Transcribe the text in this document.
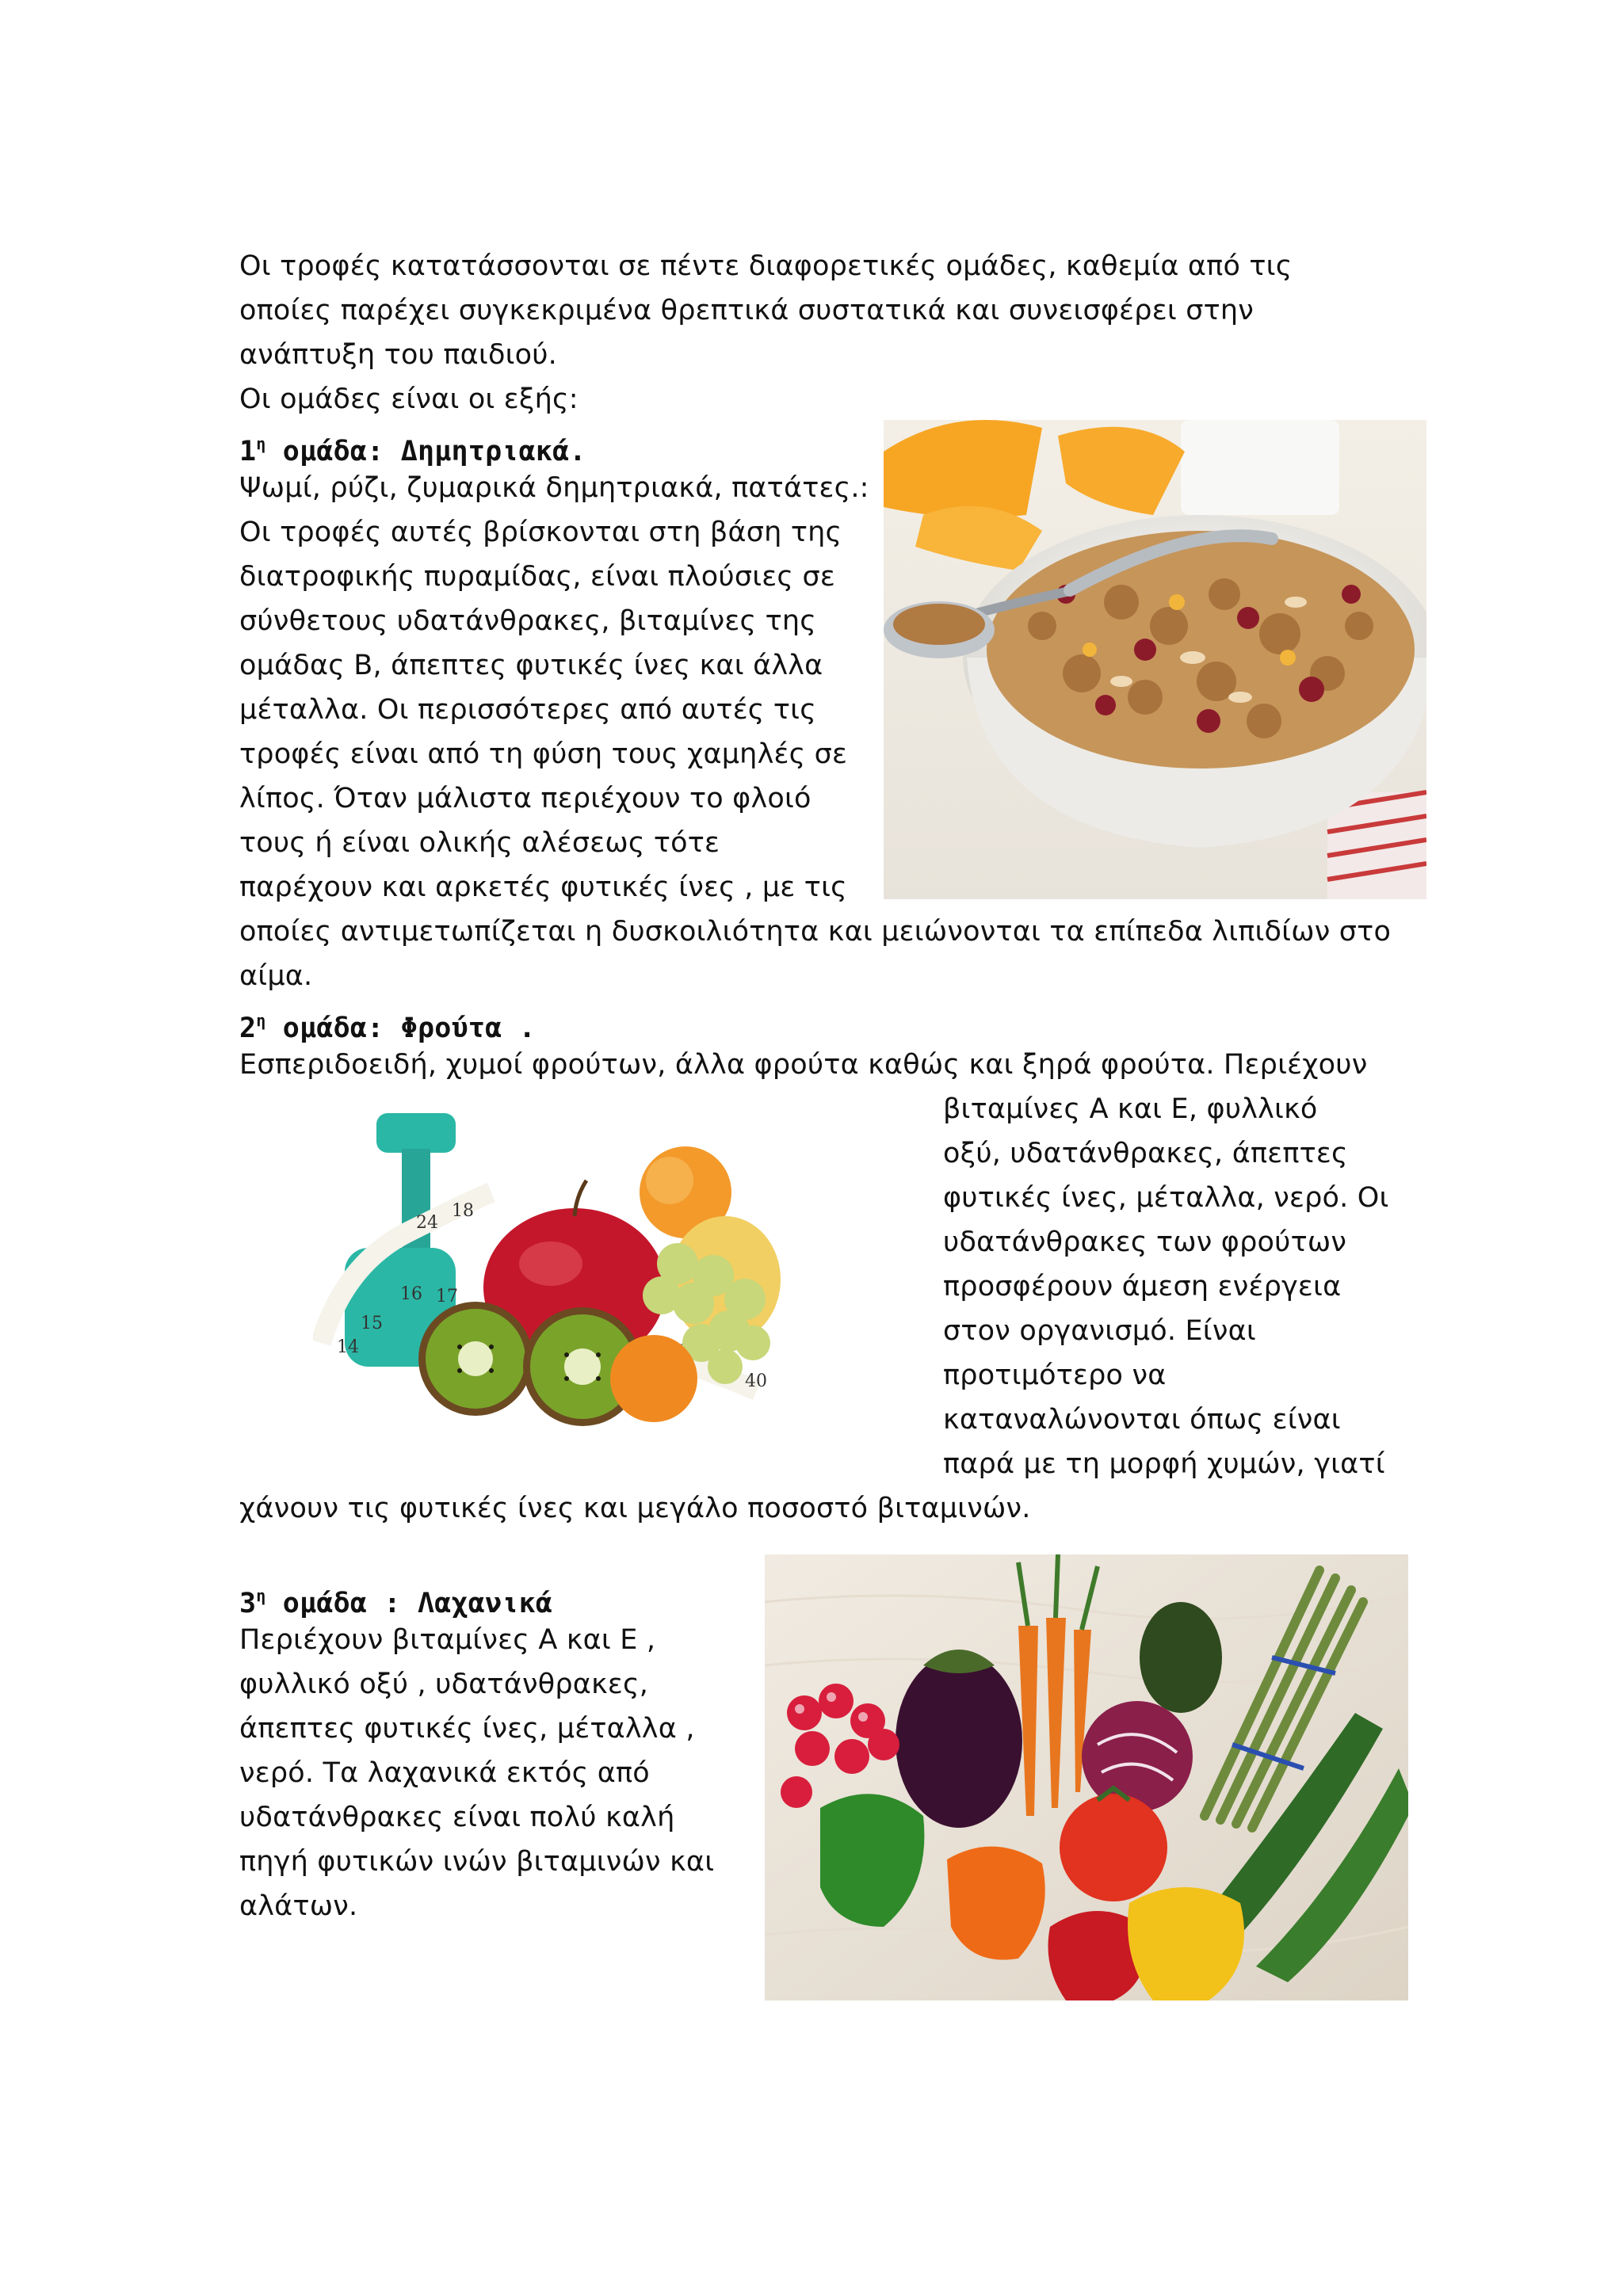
Οι τροφές κατατάσσονται σε πέντε διαφορετικές ομάδες, καθεμία από τις
οποίες παρέχει συγκεκριμένα θρεπτικά συστατικά και συνεισφέρει στην
ανάπτυξη του παιδιού.
Οι ομάδες είναι οι εξής:
$1^\eta$ ομάδα: Δημητριακά.
Ψωμί, ρύζι, ζυμαρικά δημητριακά, πατάτες.:
Οι τροφές αυτές βρίσκονται στη βάση της
διατροφικής πυραμίδας, είναι πλούσιες σε
σύνθετους υδατάνθρακες, βιταμίνες της
ομάδας Β, άπεπτες φυτικές ίνες και άλλα
μέταλλα. Οι περισσότερες από αυτές τις
τροφές είναι από τη φύση τους χαμηλές σε
λίπος. Όταν μάλιστα περιέχουν το φλοιό
τους ή είναι ολικής αλέσεως τότε
παρέχουν και αρκετές φυτικές ίνες , με τις
οποίες αντιμετωπίζεται η δυσκοιλιότητα και μειώνονται τα επίπεδα λιπιδίων στο
αίμα.
$2^\eta$ ομάδα: Φρούτα .
Εσπεριδοειδή, χυμοί φρούτων, άλλα φρούτα καθώς και ξηρά φρούτα. Περιέχουν
βιταμίνες Α και Ε, φυλλικό
οξύ, υδατάνθρακες, άπεπτες
φυτικές ίνες, μέταλλα, νερό. Οι
υδατάνθρακες των φρούτων
προσφέρουν άμεση ενέργεια
στον οργανισμό. Είναι
προτιμότερο να
καταναλώνονται όπως είναι
παρά με τη μορφή χυμών, γιατί
χάνουν τις φυτικές ίνες και μεγάλο ποσοστό βιταμινών.
24
18
17
16
15
14
40
$3^\eta$ ομάδα : Λαχανικά
Περιέχουν βιταμίνες Α και Ε ,
φυλλικό οξύ , υδατάνθρακες,
άπεπτες φυτικές ίνες, μέταλλα ,
νερό. Τα λαχανικά εκτός από
υδατάνθρακες είναι πολύ καλή
πηγή φυτικών ινών βιταμινών και
αλάτων.
